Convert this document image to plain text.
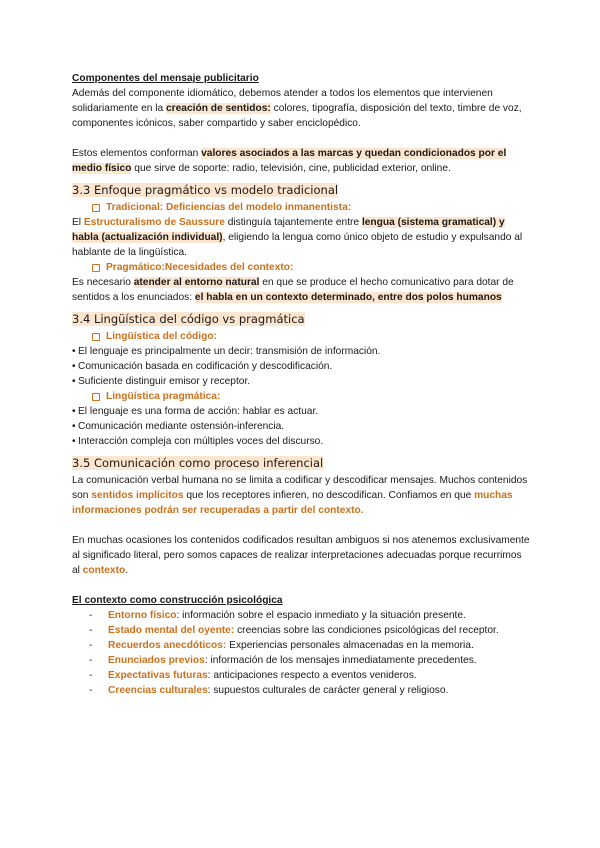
Componentes del mensaje publicitario

Además del componente idiomático, debemos atender a todos los elementos que intervienen solidariamente en la creación de sentidos: colores, tipografía, disposición del texto, timbre de voz, componentes icónicos, saber compartido y saber enciclopédico.

Estos elementos conforman valores asociados a las marcas y quedan condicionados por el medio físico que sirve de soporte: radio, televisión, cine, publicidad exterior, online.

3.3 Enfoque pragmático vs modelo tradicional
Tradicional: Deficiencias del modelo inmanentista:

El Estructuralismo de Saussure distinguía tajantemente entre lengua (sistema gramatical) y habla (actualización individual), eligiendo la lengua como único objeto de estudio y expulsando al hablante de la lingüística.

Pragmático:Necesidades del contexto:

Es necesario atender al entorno natural en que se produce el hecho comunicativo para dotar de sentidos a los enunciados: el habla en un contexto determinado, entre dos polos humanos

3.4 Lingüística del código vs pragmática
Lingüística del código:
• El lenguaje es principalmente un decir: transmisión de información.
• Comunicación basada en codificación y descodificación.
• Suficiente distinguir emisor y receptor.
Lingüística pragmática:
• El lenguaje es una forma de acción: hablar es actuar.
• Comunicación mediante ostensión-inferencia.
• Interacción compleja con múltiples voces del discurso.
3.5 Comunicación como proceso inferencial

La comunicación verbal humana no se limita a codificar y descodificar mensajes. Muchos contenidos son sentidos implícitos que los receptores infieren, no descodifican. Confiamos en que muchas informaciones podrán ser recuperadas a partir del contexto.

En muchas ocasiones los contenidos codificados resultan ambiguos si nos atenemos exclusivamente al significado literal, pero somos capaces de realizar interpretaciones adecuadas porque recurrimos al contexto.

El contexto como construcción psicológica

-	Entorno físico: información sobre el espacio inmediato y la situación presente.
-	Estado mental del oyente: creencias sobre las condiciones psicológicas del receptor.
-	Recuerdos anecdóticos: Experiencias personales almacenadas en la memoria.
-	Enunciados previos: información de los mensajes inmediatamente precedentes.
-	Expectativas futuras: anticipaciones respecto a eventos venideros.
-	Creencias culturales: supuestos culturales de carácter general y religioso.
